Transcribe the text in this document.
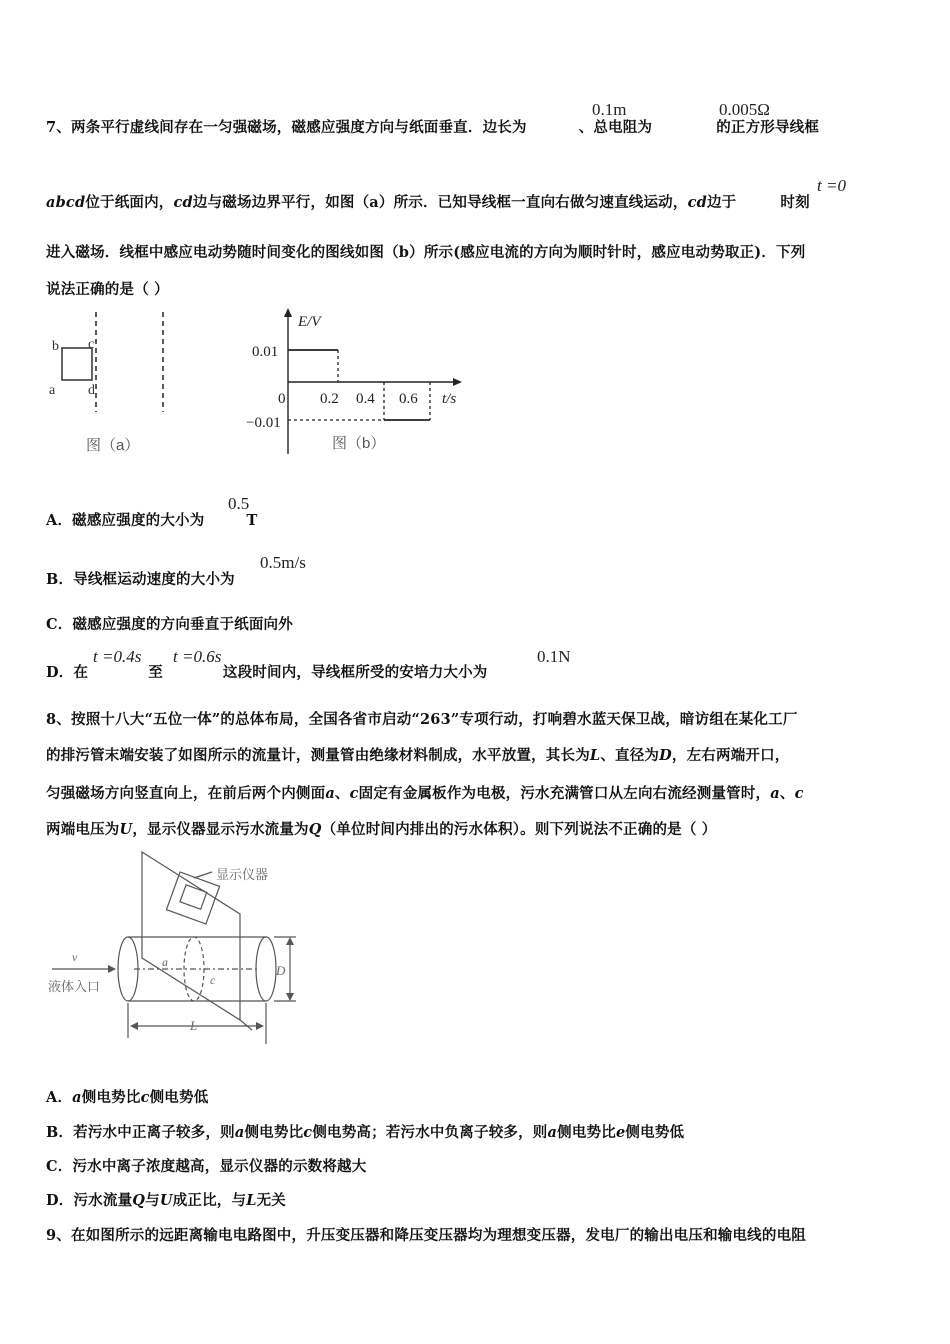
7、两条平行虚线间存在一匀强磁场，磁感应强度方向与纸面垂直．边长为	、总电阻为	的正方形导线框
0.1m	0.005Ω
abcd位于纸面内，cd边与磁场边界平行，如图（a）所示．已知导线框一直向右做匀速直线运动，cd边于	时刻
t =0
进入磁场．线框中感应电动势随时间变化的图线如图（b）所示(感应电流的方向为顺时针时，感应电动势取正)．下列
说法正确的是（ ）
b c
a d
图（a）
E/V
0.01
−0.01
0 0.2 0.4 0.6 t/s
图（b）
A．磁感应强度的大小为	T
0.5
B．导线框运动速度的大小为
0.5m/s
C．磁感应强度的方向垂直于纸面向外
D．在	至	这段时间内，导线框所受的安培力大小为
t =0.4s t =0.6s	0.1N
8、按照十八大“五位一体”的总体布局，全国各省市启动“263”专项行动，打响碧水蓝天保卫战，暗访组在某化工厂
的排污管末端安装了如图所示的流量计，测量管由绝缘材料制成，水平放置，其长为L、直径为D，左右两端开口，
匀强磁场方向竖直向上，在前后两个内侧面a、c固定有金属板作为电极，污水充满管口从左向右流经测量管时，a、c
两端电压为U，显示仪器显示污水流量为Q（单位时间内排出的污水体积）。则下列说法不正确的是（ ）
显示仪器
v
液体入口
a
c
D
L
A．a侧电势比c侧电势低
B．若污水中正离子较多，则a侧电势比c侧电势高；若污水中负离子较多，则a侧电势比e侧电势低
C．污水中离子浓度越高，显示仪器的示数将越大
D．污水流量Q与U成正比，与L无关
9、在如图所示的远距离输电电路图中，升压变压器和降压变压器均为理想变压器，发电厂的输出电压和输电线的电阻
